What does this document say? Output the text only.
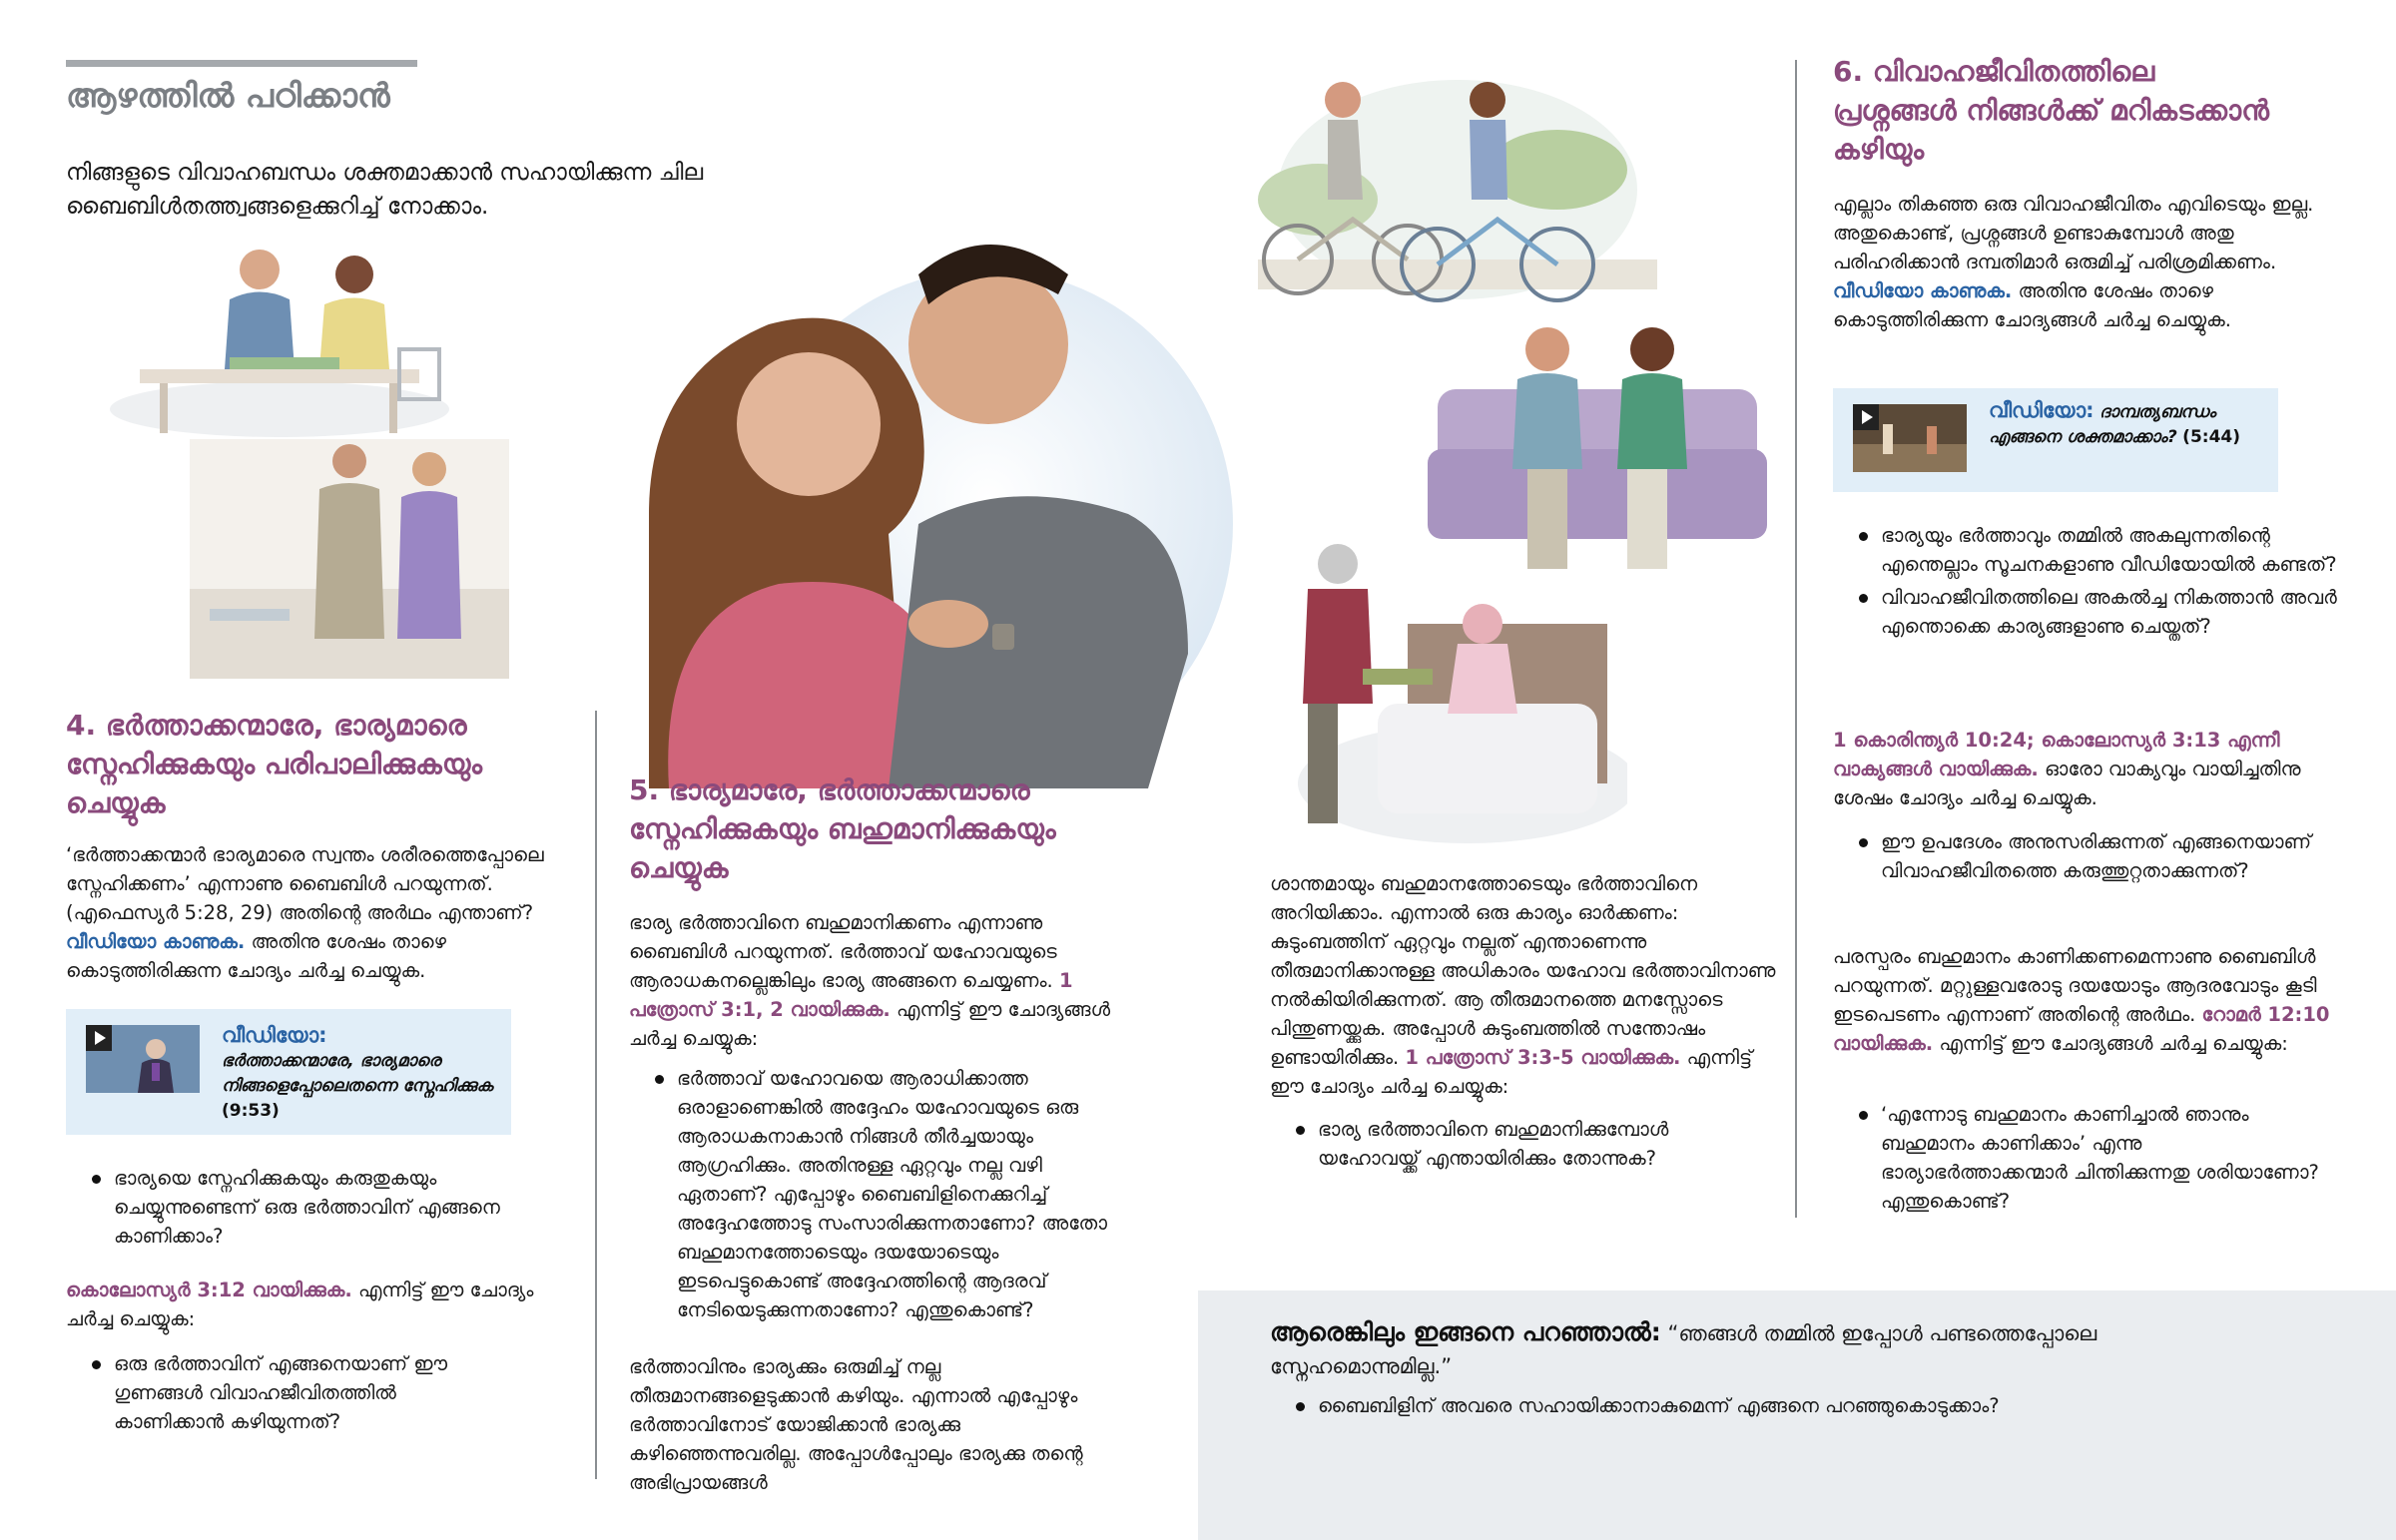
ആഴത്തിൽ പഠിക്കാൻ
നിങ്ങളുടെ വിവാഹബന്ധം ശക്തമാക്കാൻ സഹായിക്കുന്ന ചില ബൈബിൾതത്ത്വങ്ങളെക്കുറിച്ച് നോക്കാം.
4. ഭർത്താക്കന്മാരേ, ഭാര്യമാരെ സ്നേഹിക്കുകയും പരിപാലിക്കുകയും ചെയ്യുക
‘ഭർത്താക്കന്മാർ ഭാര്യമാരെ സ്വന്തം ശരീരത്തെപ്പോലെ സ്നേഹിക്കണം’ എന്നാണു ബൈബിൾ പറയുന്നത്. (എഫെസ്യർ 5:28, 29) അതിന്റെ അർഥം എന്താണ്? വീഡിയോ കാണുക. അതിനു ശേഷം താഴെ കൊടുത്തിരിക്കുന്ന ചോദ്യം ചർച്ച ചെയ്യുക.
വീഡിയോ:
ഭർത്താക്കന്മാരേ, ഭാര്യമാരെ നിങ്ങളെപ്പോലെതന്നെ സ്നേഹിക്കുക (9:53)
ഭാര്യയെ സ്നേഹിക്കുകയും കരുതുകയും ചെയ്യുന്നുണ്ടെന്ന് ഒരു ഭർത്താവിന് എങ്ങനെ കാണിക്കാം?
കൊലോസ്യർ 3:12 വായിക്കുക. എന്നിട്ട് ഈ ചോദ്യം ചർച്ച ചെയ്യുക:
ഒരു ഭർത്താവിന് എങ്ങനെയാണ് ഈ ഗുണങ്ങൾ വിവാഹജീവിതത്തിൽ കാണിക്കാൻ കഴിയുന്നത്?
5. ഭാര്യമാരേ, ഭർത്താക്കന്മാരെ സ്നേഹിക്കുകയും ബഹുമാനിക്കുകയും ചെയ്യുക
ഭാര്യ ഭർത്താവിനെ ബഹുമാനിക്കണം എന്നാണു ബൈബിൾ പറയുന്നത്. ഭർത്താവ് യഹോവയുടെ ആരാധകനല്ലെങ്കിലും ഭാര്യ അങ്ങനെ ചെയ്യണം. 1 പത്രോസ് 3:1, 2 വായിക്കുക. എന്നിട്ട് ഈ ചോദ്യങ്ങൾ ചർച്ച ചെയ്യുക:
ഭർത്താവ് യഹോവയെ ആരാധിക്കാത്ത ഒരാളാണെങ്കിൽ അദ്ദേഹം യഹോവയുടെ ഒരു ആരാധകനാകാൻ നിങ്ങൾ തീർച്ചയായും ആഗ്രഹിക്കും. അതിനുള്ള ഏറ്റവും നല്ല വഴി ഏതാണ്? എപ്പോഴും ബൈബിളിനെക്കുറിച്ച് അദ്ദേഹത്തോടു സംസാരിക്കുന്നതാണോ? അതോ ബഹുമാനത്തോടെയും ദയയോടെയും ഇടപെട്ടുകൊണ്ട് അദ്ദേഹത്തിന്റെ ആദരവ് നേടിയെടുക്കുന്നതാണോ? എന്തുകൊണ്ട്?
ഭർത്താവിനും ഭാര്യക്കും ഒരുമിച്ച് നല്ല തീരുമാനങ്ങളെടുക്കാൻ കഴിയും. എന്നാൽ എപ്പോഴും ഭർത്താവിനോട് യോജിക്കാൻ ഭാര്യക്കു കഴിഞ്ഞെന്നുവരില്ല. അപ്പോൾപ്പോലും ഭാര്യക്കു തന്റെ അഭിപ്രായങ്ങൾ
ശാന്തമായും ബഹുമാനത്തോടെയും ഭർത്താവിനെ അറിയിക്കാം. എന്നാൽ ഒരു കാര്യം ഓർക്കണം: കുടുംബത്തിന് ഏറ്റവും നല്ലത് എന്താണെന്നു തീരുമാനിക്കാനുള്ള അധികാരം യഹോവ ഭർത്താവിനാണു നൽകിയിരിക്കുന്നത്. ആ തീരുമാനത്തെ മനസ്സോടെ പിന്തുണയ്ക്കുക. അപ്പോൾ കുടുംബത്തിൽ സന്തോഷം ഉണ്ടായിരിക്കും. 1 പത്രോസ് 3:3-5 വായിക്കുക. എന്നിട്ട് ഈ ചോദ്യം ചർച്ച ചെയ്യുക:
ഭാര്യ ഭർത്താവിനെ ബഹുമാനിക്കുമ്പോൾ യഹോവയ്ക്ക് എന്തായിരിക്കും തോന്നുക?
6. വിവാഹജീവിതത്തിലെ പ്രശ്നങ്ങൾ നിങ്ങൾക്ക് മറികടക്കാൻ കഴിയും
എല്ലാം തികഞ്ഞ ഒരു വിവാഹജീവിതം എവിടെയും ഇല്ല. അതുകൊണ്ട്, പ്രശ്നങ്ങൾ ഉണ്ടാകുമ്പോൾ അതു പരിഹരിക്കാൻ ദമ്പതിമാർ ഒരുമിച്ച് പരിശ്രമിക്കണം. വീഡിയോ കാണുക. അതിനു ശേഷം താഴെ കൊടുത്തിരിക്കുന്ന ചോദ്യങ്ങൾ ചർച്ച ചെയ്യുക.
വീഡിയോ: ദാമ്പത്യബന്ധം എങ്ങനെ ശക്തമാക്കാം? (5:44)
ഭാര്യയും ഭർത്താവും തമ്മിൽ അകലുന്നതിന്റെ എന്തെല്ലാം സൂചനകളാണു വീഡിയോയിൽ കണ്ടത്?
വിവാഹജീവിതത്തിലെ അകൽച്ച നികത്താൻ അവർ എന്തൊക്കെ കാര്യങ്ങളാണു ചെയ്തത്?
1 കൊരിന്ത്യർ 10:24; കൊലോസ്യർ 3:13 എന്നീ വാക്യങ്ങൾ വായിക്കുക. ഓരോ വാക്യവും വായിച്ചതിനു ശേഷം ചോദ്യം ചർച്ച ചെയ്യുക.
ഈ ഉപദേശം അനുസരിക്കുന്നത് എങ്ങനെയാണ് വിവാഹജീവിതത്തെ കരുത്തുറ്റതാക്കുന്നത്?
പരസ്പരം ബഹുമാനം കാണിക്കണമെന്നാണു ബൈബിൾ പറയുന്നത്. മറ്റുള്ളവരോടു ദയയോടും ആദരവോടും കൂടി ഇടപെടണം എന്നാണ് അതിന്റെ അർഥം. റോമർ 12:10 വായിക്കുക. എന്നിട്ട് ഈ ചോദ്യങ്ങൾ ചർച്ച ചെയ്യുക:
‘എന്നോടു ബഹുമാനം കാണിച്ചാൽ ഞാനും ബഹുമാനം കാണിക്കാം’ എന്നു ഭാര്യാഭർത്താക്കന്മാർ ചിന്തിക്കുന്നതു ശരിയാണോ? എന്തുകൊണ്ട്?
ആരെങ്കിലും ഇങ്ങനെ പറഞ്ഞാൽ: “ഞങ്ങൾ തമ്മിൽ ഇപ്പോൾ പണ്ടത്തെപ്പോലെ സ്നേഹമൊന്നുമില്ല.”
ബൈബിളിന് അവരെ സഹായിക്കാനാകുമെന്ന് എങ്ങനെ പറഞ്ഞുകൊടുക്കാം?
